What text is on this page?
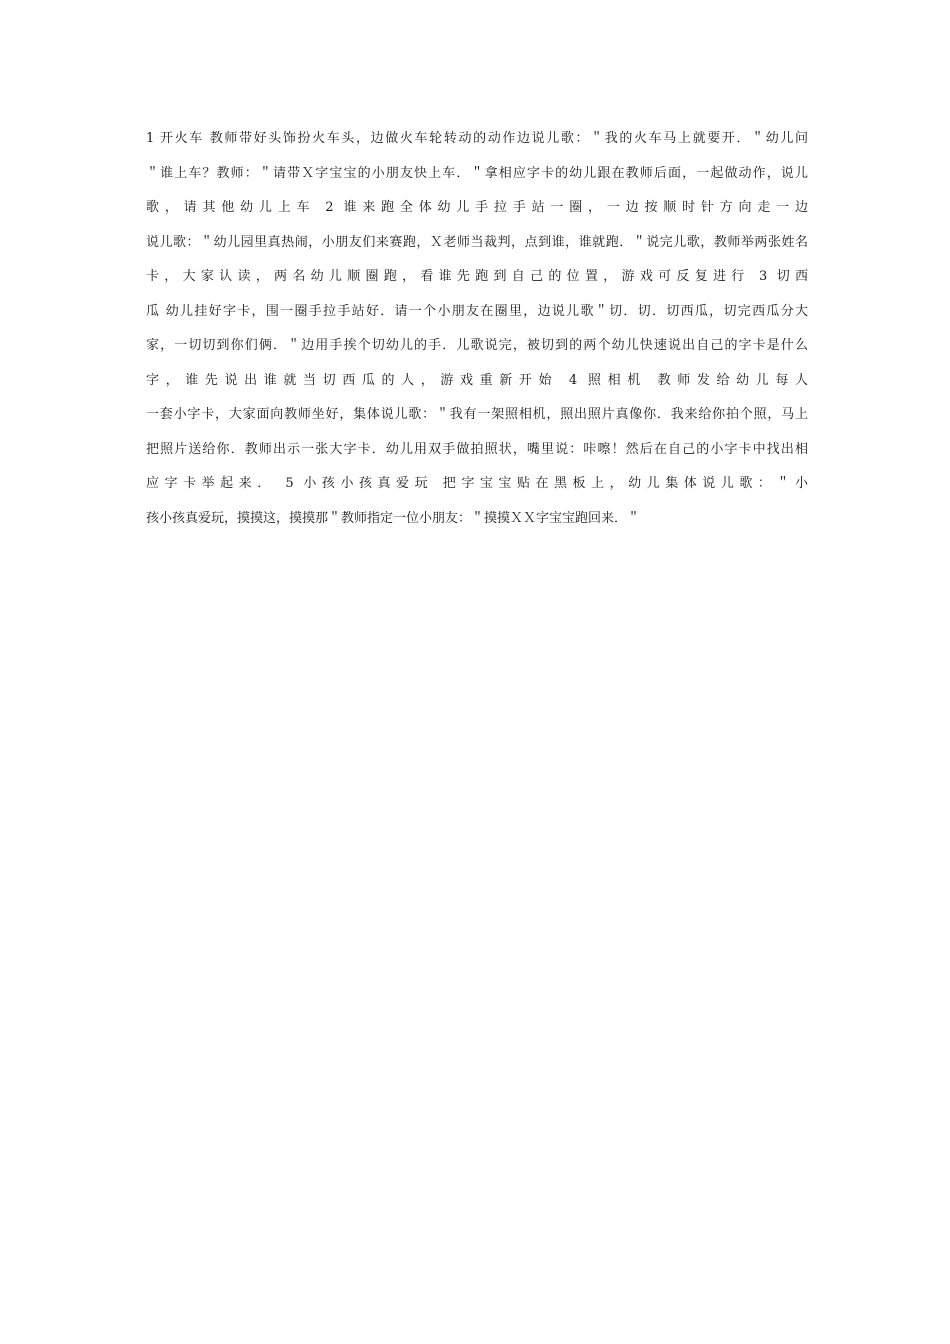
1 开火车 教师带好头饰扮火车头，边做火车轮转动的动作边说儿歌：＂我的火车马上就要开．＂幼儿问
＂谁上车？教师：＂请带Ｘ字宝宝的小朋友快上车．＂拿相应字卡的幼儿跟在教师后面，一起做动作，说儿
歌，请其他幼儿上车 2 谁来跑全体幼儿手拉手站一圈，一边按顺时针方向走一边
说儿歌：＂幼儿园里真热闹，小朋友们来赛跑，Ｘ老师当裁判，点到谁，谁就跑．＂说完儿歌，教师举两张姓名
卡，大家认读，两名幼儿顺圈跑，看谁先跑到自己的位置，游戏可反复进行 3 切西
瓜 幼儿挂好字卡，围一圈手拉手站好．请一个小朋友在圈里，边说儿歌＂切．切．切西瓜，切完西瓜分大
家，一切切到你们俩．＂边用手挨个切幼儿的手．儿歌说完，被切到的两个幼儿快速说出自己的字卡是什么
字，谁先说出谁就当切西瓜的人，游戏重新开始 4 照相机 教师发给幼儿每人
一套小字卡，大家面向教师坐好，集体说儿歌：＂我有一架照相机，照出照片真像你．我来给你拍个照，马上
把照片送给你．教师出示一张大字卡．幼儿用双手做拍照状，嘴里说：咔嚓！然后在自己的小字卡中找出相
应字卡举起来． 5 小孩小孩真爱玩 把字宝宝贴在黑板上，幼儿集体说儿歌：＂小
孩小孩真爱玩，摸摸这，摸摸那＂教师指定一位小朋友：＂摸摸ＸＸ字宝宝跑回来．＂
